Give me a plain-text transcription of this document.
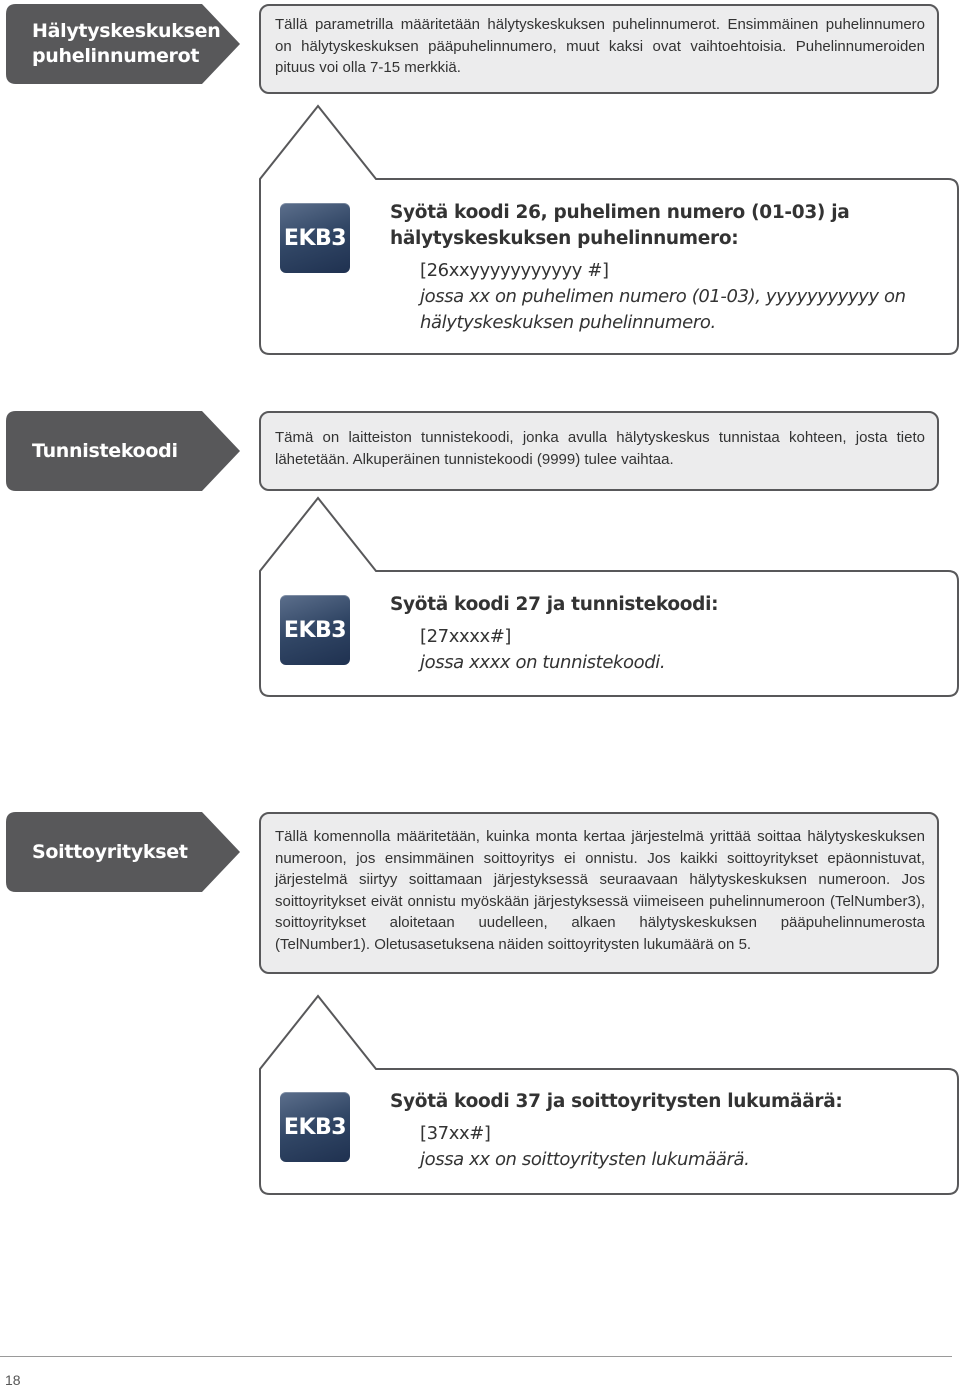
Hälytyskeskuksen puhelinnumerot

Tällä parametrilla määritetään hälytyskeskuksen puhelinnumerot. Ensimmäinen puhelinnumero on hälytyskeskuksen pääpuhelinnumero, muut kaksi ovat vaihtoehtoisia. Puhelinnumeroiden pituus voi olla 7-15 merkkiä.

EKB3
Syötä koodi 26, puhelimen numero (01-03) ja hälytyskeskuksen puhelinnumero:
[26xxyyyyyyyyyyy #]
jossa xx on puhelimen numero (01-03), yyyyyyyyyyy on hälytyskeskuksen puhelinnumero.
Tunnistekoodi

Tämä on laitteiston tunnistekoodi, jonka avulla hälytyskeskus tunnistaa kohteen, josta tieto lähetetään. Alkuperäinen tunnistekoodi (9999) tulee vaihtaa.

EKB3
Syötä koodi 27 ja tunnistekoodi:
[27xxxx#]
jossa xxxx on tunnistekoodi.
Soittoyritykset

Tällä komennolla määritetään, kuinka monta kertaa järjestelmä yrittää soittaa hälytyskeskuksen numeroon, jos ensimmäinen soittoyritys ei onnistu. Jos kaikki soittoyritykset epäonnistuvat, järjestelmä siirtyy soittamaan järjestyksessä seuraavaan hälytyskeskuksen numeroon. Jos soittoyritykset eivät onnistu myöskään järjestyksessä viimeiseen puhelinnumeroon (TelNumber3), soittoyritykset aloitetaan uudelleen, alkaen hälytyskeskuksen pääpuhelinnumerosta (TelNumber1). Oletusasetuksena näiden soittoyritysten lukumäärä on 5.

EKB3
Syötä koodi 37 ja soittoyritysten lukumäärä:
[37xx#]
jossa xx on soittoyritysten lukumäärä.
18
